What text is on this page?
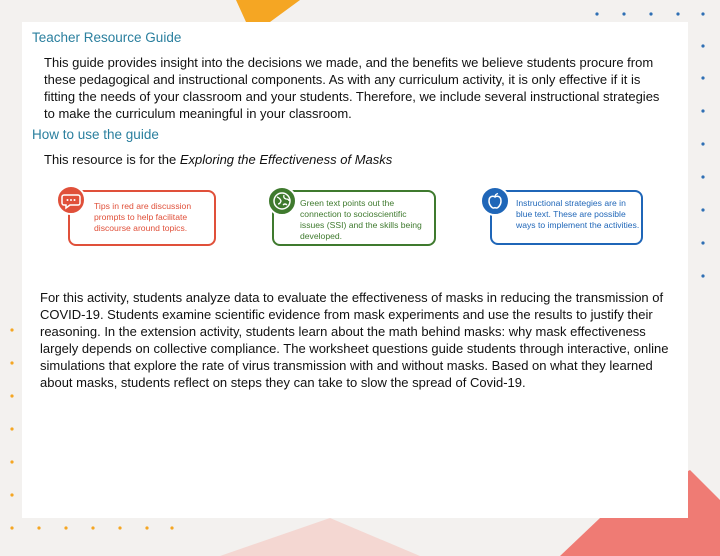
Teacher Resource Guide

This guide provides insight into the decisions we made, and the benefits we believe students procure from these pedagogical and instructional components. As with any curriculum activity, it is only effective if it is fitting the needs of your classroom and your students. Therefore, we include several instructional strategies to make the curriculum meaningful in your classroom.

How to use the guide

This resource is for the Exploring the Effectiveness of Masks

Tips in red are discussion prompts to help facilitate discourse around topics.
Green text points out the connection to socioscientific issues (SSI) and the skills being developed.
Instructional strategies are in blue text. These are possible ways to implement the activities.

For this activity, students analyze data to evaluate the effectiveness of masks in reducing the transmission of COVID-19. Students examine scientific evidence from mask experiments and use the results to justify their reasoning. In the extension activity, students learn about the math behind masks: why mask effectiveness largely depends on collective compliance. The worksheet questions guide students through interactive, online simulations that explore the rate of virus transmission with and without masks. Based on what they learned about masks, students reflect on steps they can take to slow the spread of Covid-19.
